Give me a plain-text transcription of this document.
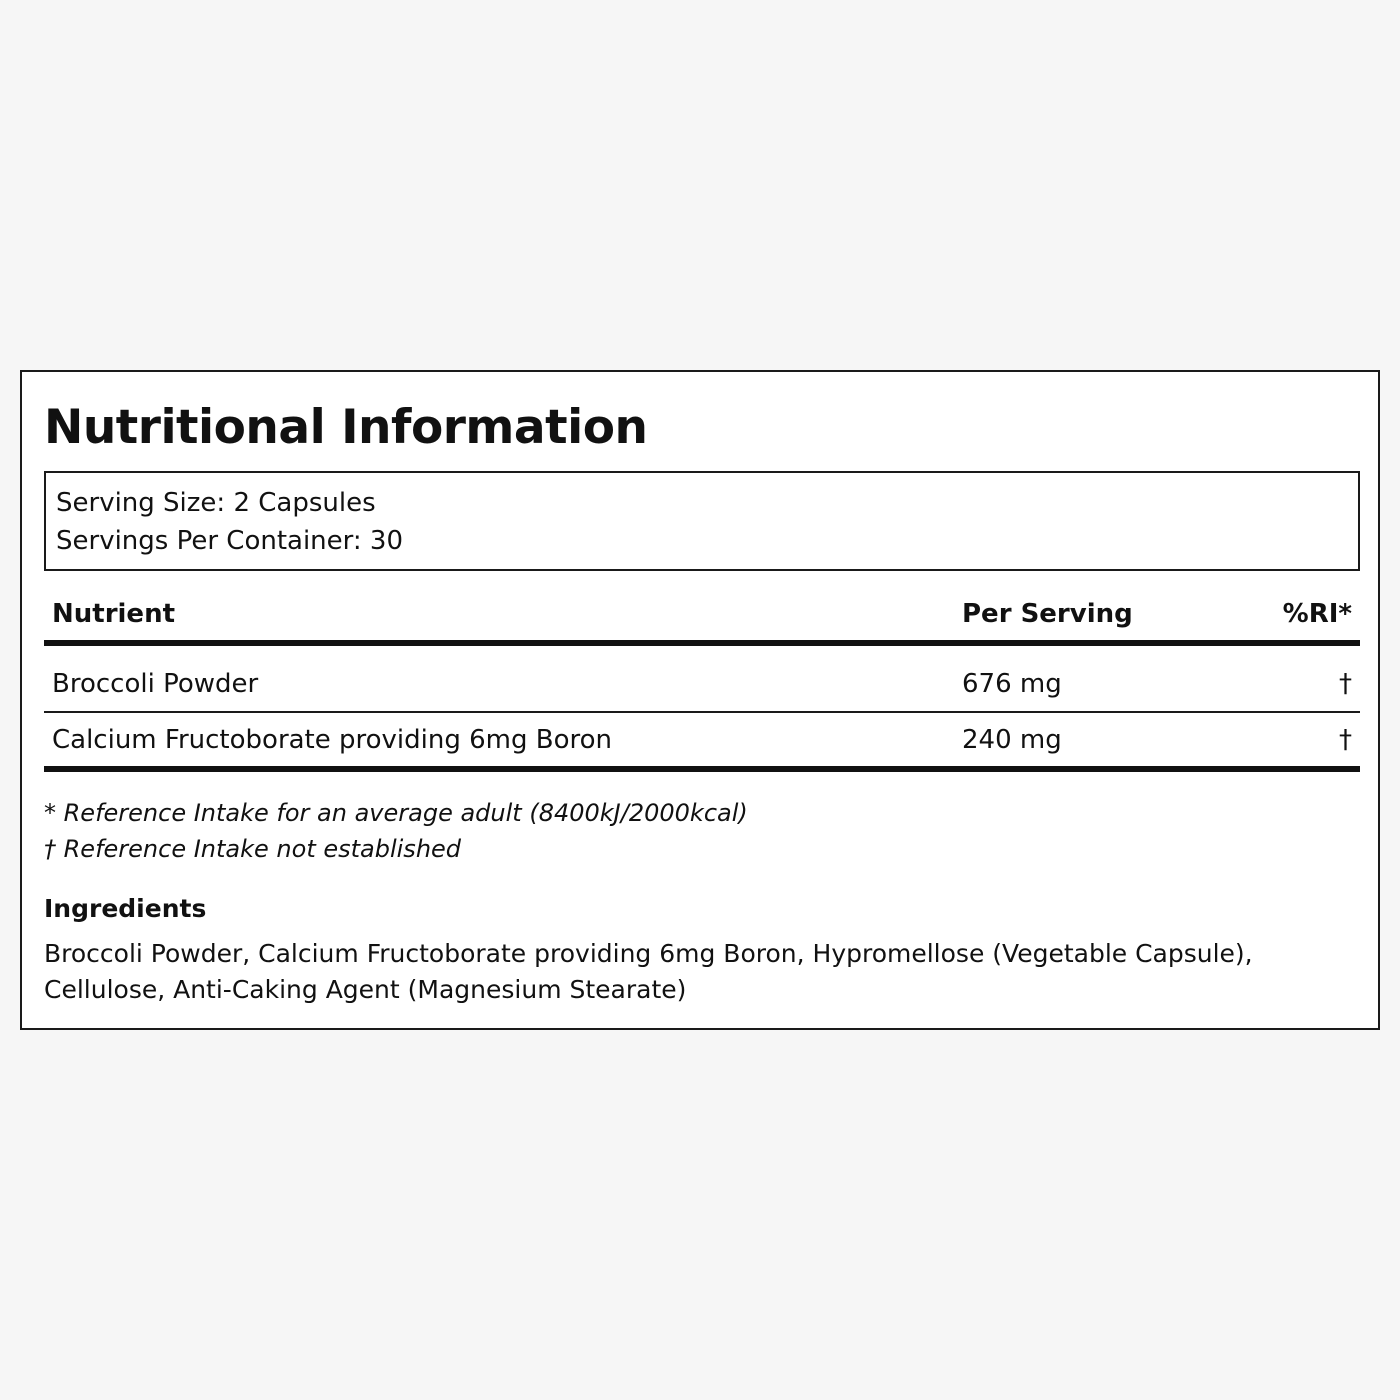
Nutritional Information
Serving Size: 2 Capsules
Servings Per Container: 30
Nutrient	Per Serving	%RI*
Broccoli Powder	676 mg	†
Calcium Fructoborate providing 6mg Boron	240 mg	†
* Reference Intake for an average adult (8400kJ/2000kcal)
† Reference Intake not established
Ingredients
Broccoli Powder, Calcium Fructoborate providing 6mg Boron, Hypromellose (Vegetable Capsule), Cellulose, Anti-Caking Agent (Magnesium Stearate)
